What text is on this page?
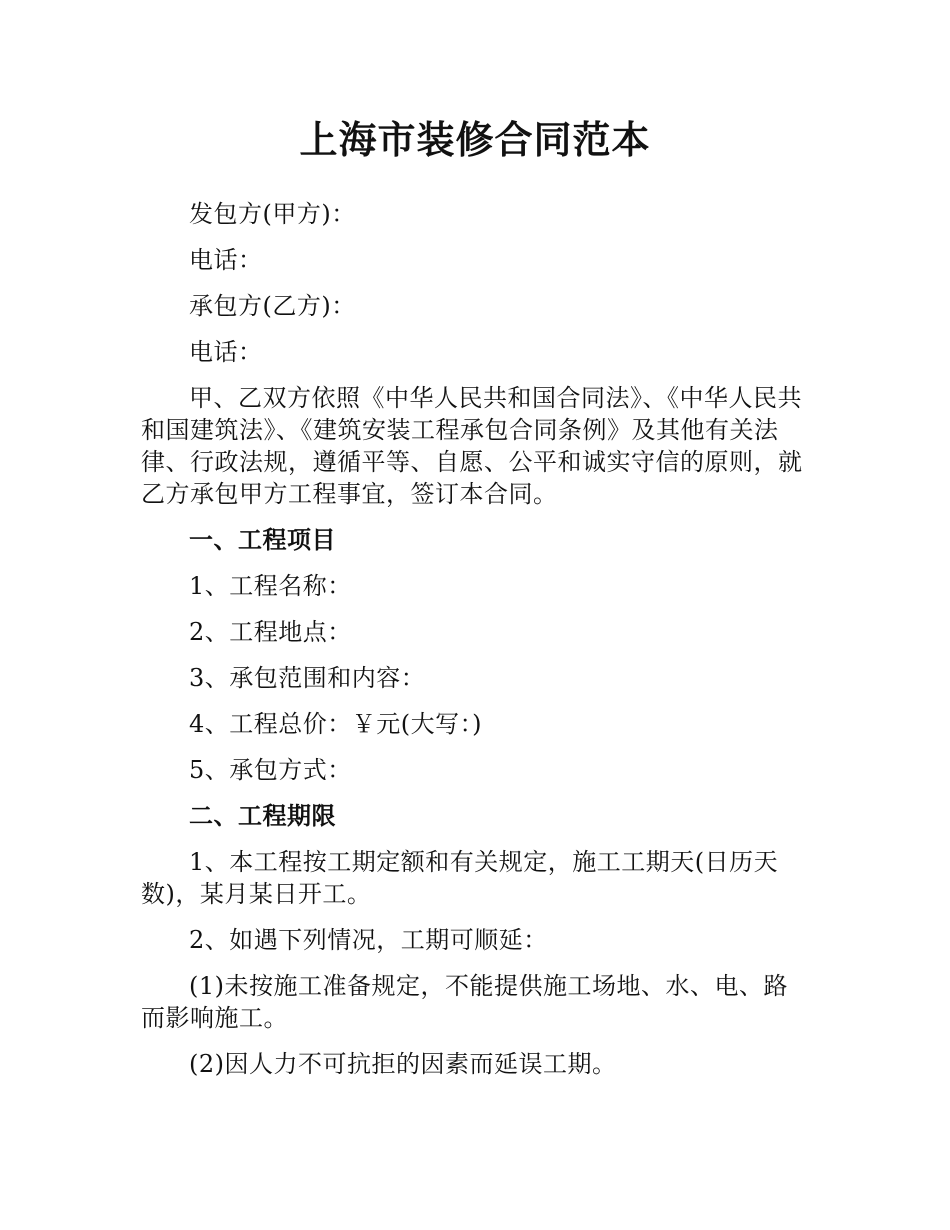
上海市装修合同范本

发包方(甲方)：

电话：

承包方(乙方)：

电话：

甲、乙双方依照《中华人民共和国合同法》、《中华人民共和国建筑法》、《建筑安装工程承包合同条例》及其他有关法律、行政法规，遵循平等、自愿、公平和诚实守信的原则，就乙方承包甲方工程事宜，签订本合同。

一、工程项目

1、工程名称：

2、工程地点：

3、承包范围和内容：

4、工程总价：￥元(大写：)

5、承包方式：

二、工程期限

1、本工程按工期定额和有关规定，施工工期天(日历天数)，某月某日开工。

2、如遇下列情况，工期可顺延：

(1)未按施工准备规定，不能提供施工场地、水、电、路而影响施工。

(2)因人力不可抗拒的因素而延误工期。
